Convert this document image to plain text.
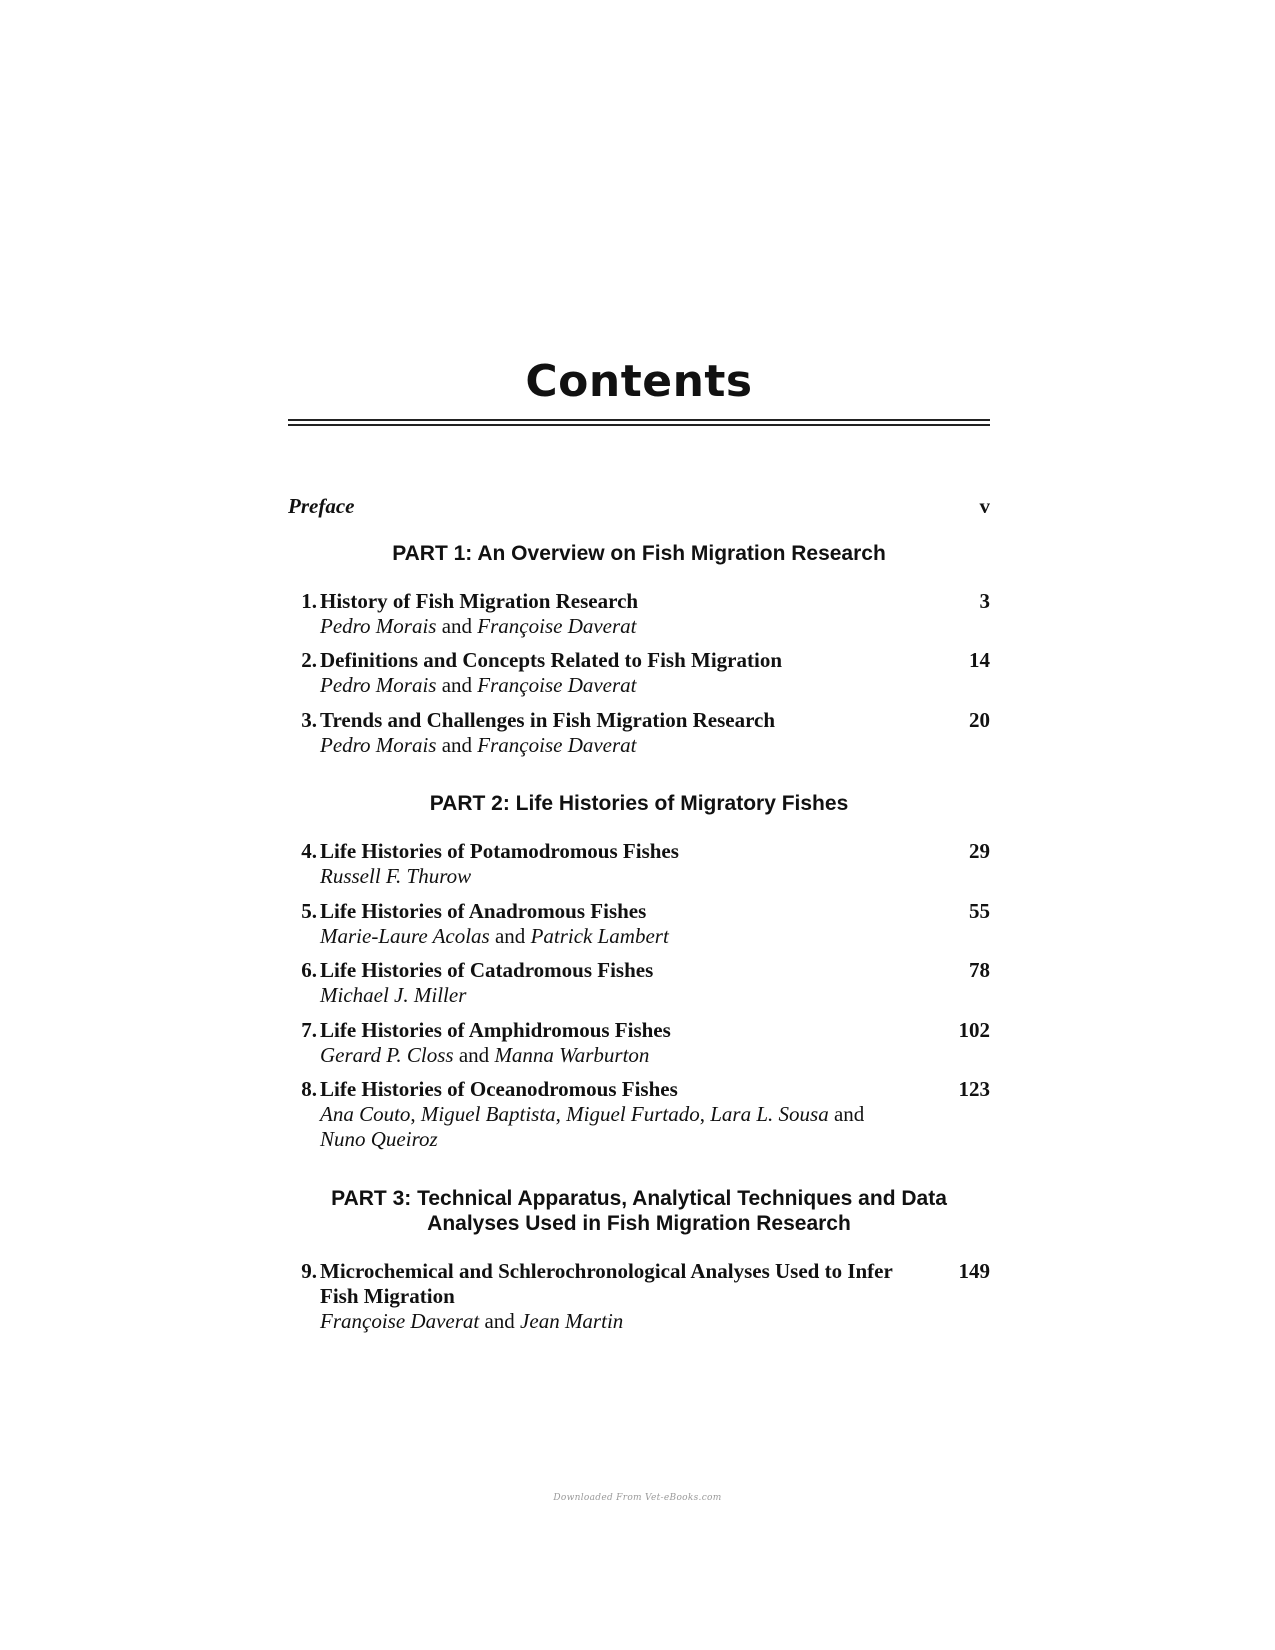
Contents
Preface	v
PART 1: An Overview on Fish Migration Research
1. History of Fish Migration Research
Pedro Morais and Françoise Daverat
3
2. Definitions and Concepts Related to Fish Migration
Pedro Morais and Françoise Daverat
14
3. Trends and Challenges in Fish Migration Research
Pedro Morais and Françoise Daverat
20
PART 2: Life Histories of Migratory Fishes
4. Life Histories of Potamodromous Fishes
Russell F. Thurow
29
5. Life Histories of Anadromous Fishes
Marie-Laure Acolas and Patrick Lambert
55
6. Life Histories of Catadromous Fishes
Michael J. Miller
78
7. Life Histories of Amphidromous Fishes
Gerard P. Closs and Manna Warburton
102
8. Life Histories of Oceanodromous Fishes
Ana Couto, Miguel Baptista, Miguel Furtado, Lara L. Sousa and
Nuno Queiroz
123
PART 3: Technical Apparatus, Analytical Techniques and Data Analyses Used in Fish Migration Research
9. Microchemical and Schlerochronological Analyses Used to Infer Fish Migration
Françoise Daverat and Jean Martin
149
Downloaded From Vet-eBooks.com
